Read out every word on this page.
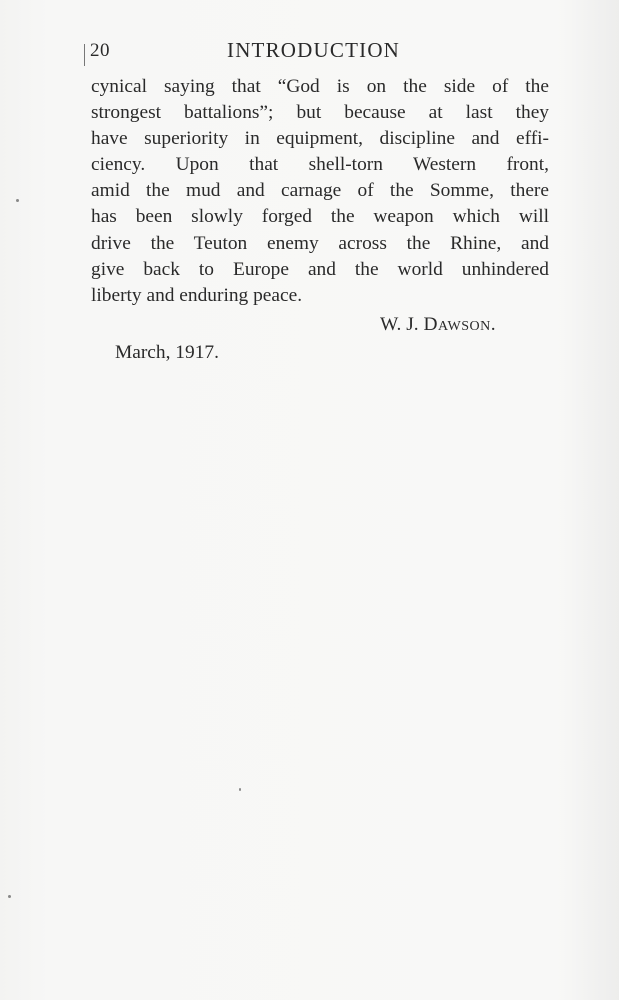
20	INTRODUCTION
cynical saying that “God is on the side of the
strongest battalions”; but because at last they
have superiority in equipment, discipline and effi-
ciency. Upon that shell-torn Western front,
amid the mud and carnage of the Somme, there
has been slowly forged the weapon which will
drive the Teuton enemy across the Rhine, and
give back to Europe and the world unhindered
liberty and enduring peace.
W. J. Dawson.
March, 1917.
